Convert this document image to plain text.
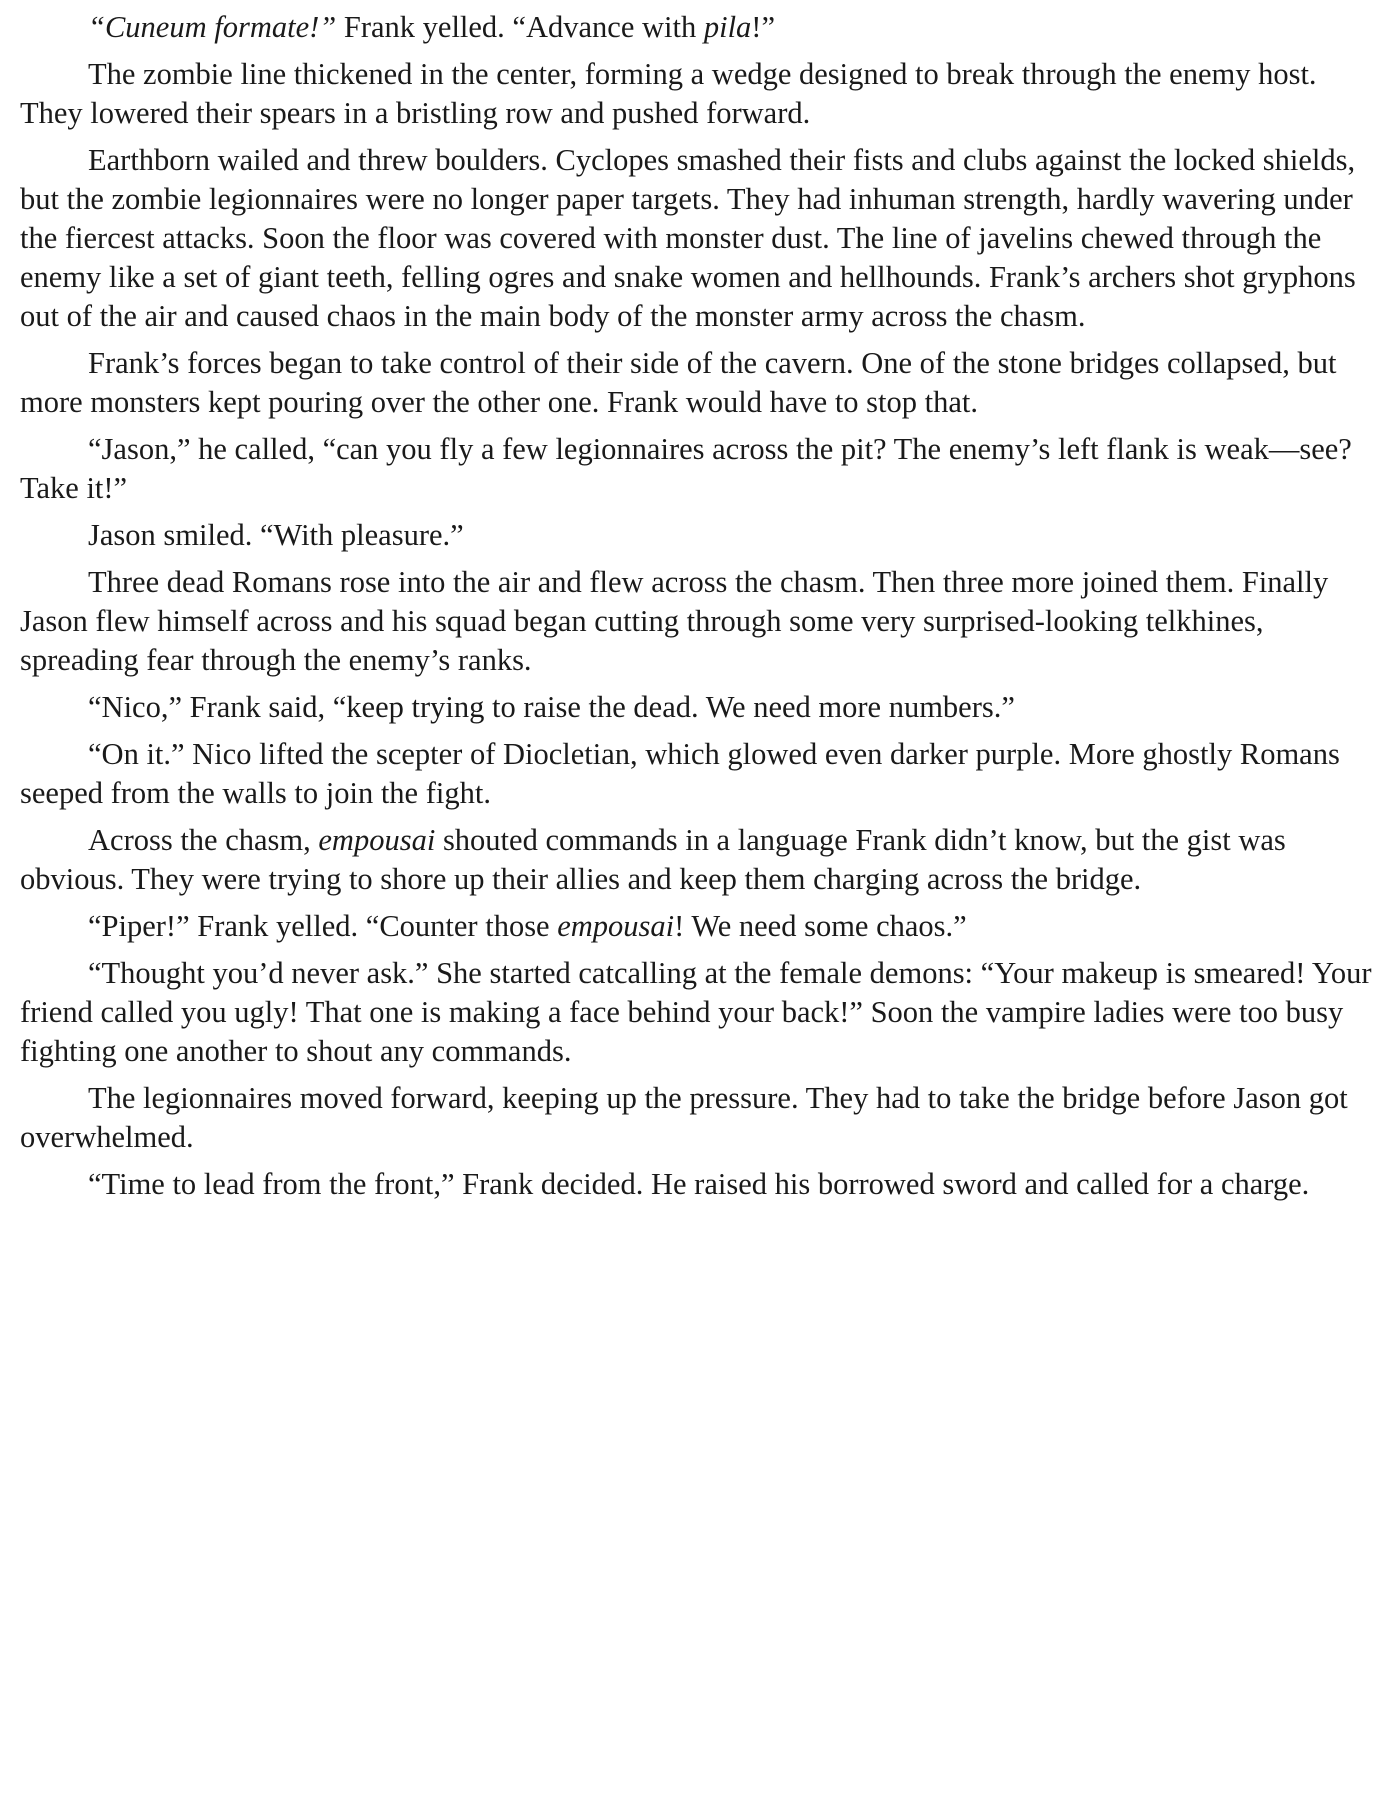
“Cuneum formate!” Frank yelled. “Advance with pila!”

The zombie line thickened in the center, forming a wedge designed to break through the enemy host. They lowered their spears in a bristling row and pushed forward.

Earthborn wailed and threw boulders. Cyclopes smashed their fists and clubs against the locked shields, but the zombie legionnaires were no longer paper targets. They had inhuman strength, hardly wavering under the fiercest attacks. Soon the floor was covered with monster dust. The line of javelins chewed through the enemy like a set of giant teeth, felling ogres and snake women and hellhounds. Frank’s archers shot gryphons out of the air and caused chaos in the main body of the monster army across the chasm.

Frank’s forces began to take control of their side of the cavern. One of the stone bridges collapsed, but more monsters kept pouring over the other one. Frank would have to stop that.

“Jason,” he called, “can you fly a few legionnaires across the pit? The enemy’s left flank is weak—see? Take it!”

Jason smiled. “With pleasure.”

Three dead Romans rose into the air and flew across the chasm. Then three more joined them. Finally Jason flew himself across and his squad began cutting through some very surprised-looking telkhines, spreading fear through the enemy’s ranks.

“Nico,” Frank said, “keep trying to raise the dead. We need more numbers.”

“On it.” Nico lifted the scepter of Diocletian, which glowed even darker purple. More ghostly Romans seeped from the walls to join the fight.

Across the chasm, empousai shouted commands in a language Frank didn’t know, but the gist was obvious. They were trying to shore up their allies and keep them charging across the bridge.

“Piper!” Frank yelled. “Counter those empousai! We need some chaos.”

“Thought you’d never ask.” She started catcalling at the female demons: “Your makeup is smeared! Your friend called you ugly! That one is making a face behind your back!” Soon the vampire ladies were too busy fighting one another to shout any commands.

The legionnaires moved forward, keeping up the pressure. They had to take the bridge before Jason got overwhelmed.

“Time to lead from the front,” Frank decided. He raised his borrowed sword and called for a charge.
